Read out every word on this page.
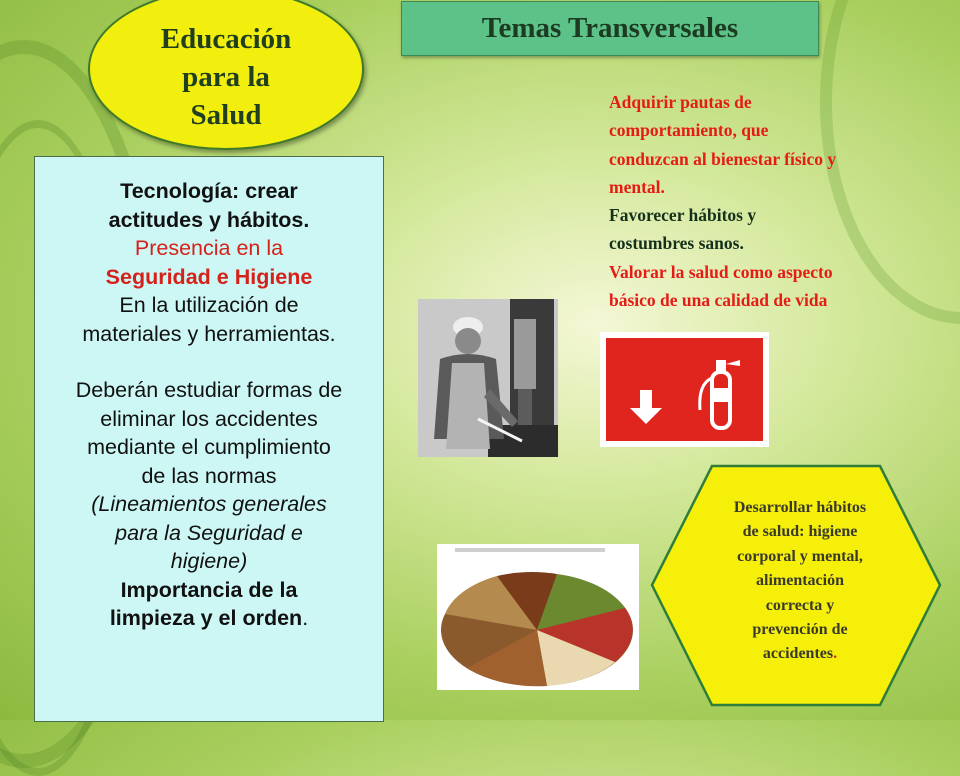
Educación
para la
Salud
Temas Transversales
Adquirir pautas de
comportamiento, que
conduzcan al bienestar físico y
mental.
Favorecer hábitos y
costumbres sanos.
Valorar la salud como aspecto
básico de una calidad de vida
Tecnología: crear
actitudes y hábitos.
Presencia en la
Seguridad e Higiene
En la utilización de
materiales y herramientas.
Deberán estudiar formas de
eliminar los accidentes
mediante el cumplimiento
de las normas
(Lineamientos generales
para la Seguridad e
higiene)
Importancia de la
limpieza y el orden.
Desarrollar hábitos
de salud: higiene
corporal y mental,
alimentación
correcta y
prevención de
accidentes.
